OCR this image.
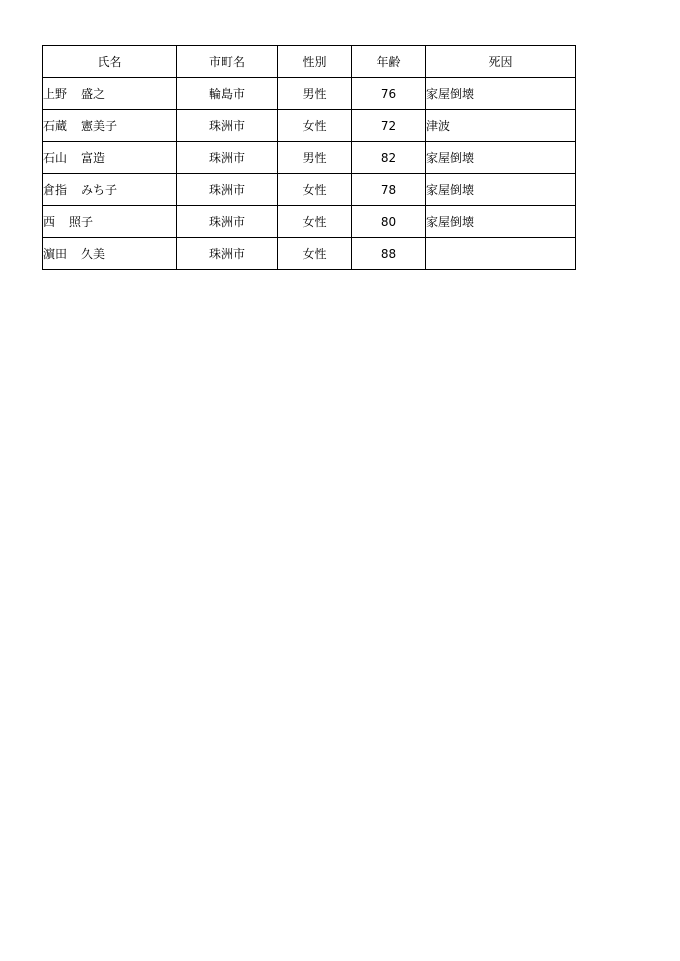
氏名	市町名	性別	年齢	死因
上野 盛之	輪島市	男性	76	家屋倒壊
石蔵 憲美子	珠洲市	女性	72	津波
石山 富造	珠洲市	男性	82	家屋倒壊
倉指 みち子	珠洲市	女性	78	家屋倒壊
西 照子	珠洲市	女性	80	家屋倒壊
濵田 久美	珠洲市	女性	88	
